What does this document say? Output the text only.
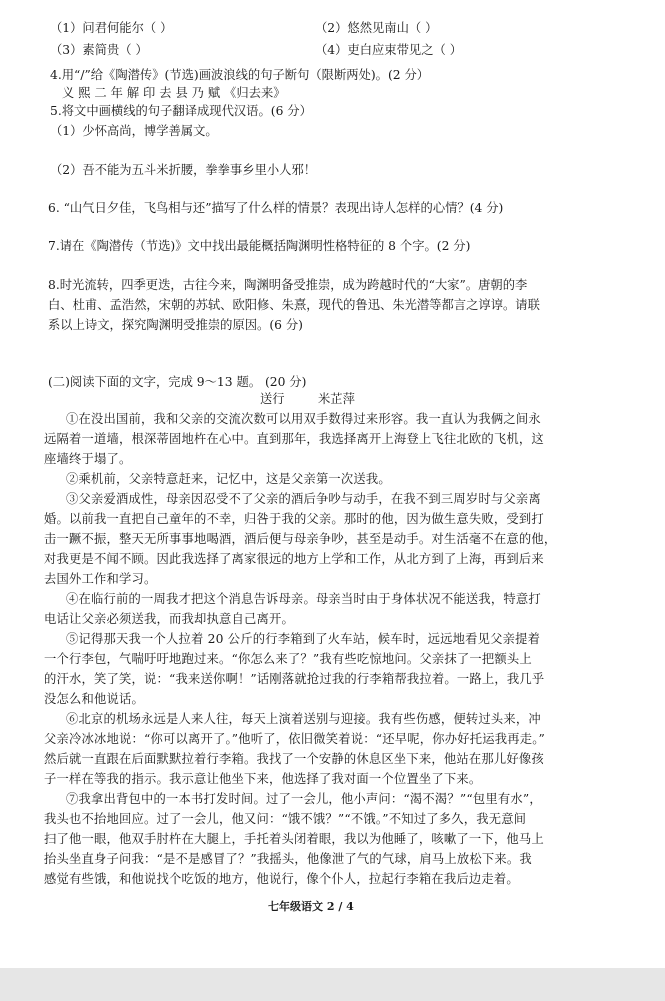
（1）问君何能尔（ ）	（2）悠然见南山（ ）
（3）素简贵（ ）	（4）吏白应束带见之（ ）
4.用“/”给《陶潜传》(节选)画波浪线的句子断句（限断两处)。(2 分）
义 熙 二 年 解 印 去 县 乃 赋 《归去来》
5.将文中画横线的句子翻译成现代汉语。(6 分）
（1）少怀高尚，博学善属文。
（2）吾不能为五斗米折腰，拳拳事乡里小人邪！
6. “山气日夕佳，飞鸟相与还”描写了什么样的情景？表现出诗人怎样的心情？(4 分)
7.请在《陶潜传（节选)》文中找出最能概括陶渊明性格特征的 8 个字。(2 分)
8.时光流转，四季更迭，古往今来，陶渊明备受推崇，成为跨越时代的“大家”。唐朝的李
白、杜甫、孟浩然，宋朝的苏轼、欧阳修、朱熹，现代的鲁迅、朱光潜等都言之谆谆。请联
系以上诗文，探究陶渊明受推崇的原因。(6 分)
(二)阅读下面的文字，完成 9～13 题。 (20 分)
送行	米芷萍
①在没出国前，我和父亲的交流次数可以用双手数得过来形容。我一直认为我俩之间永
远隔着一道墙，根深蒂固地杵在心中。直到那年，我选择离开上海登上飞往北欧的飞机，这
座墙终于塌了。
②乘机前，父亲特意赶来，记忆中，这是父亲第一次送我。
③父亲爱酒成性，母亲因忍受不了父亲的酒后争吵与动手，在我不到三周岁时与父亲离
婚。以前我一直把自己童年的不幸，归咎于我的父亲。那时的他，因为做生意失败，受到打
击一蹶不振，整天无所事事地喝酒，酒后便与母亲争吵，甚至是动手。对生活毫不在意的他，
对我更是不闻不顾。因此我选择了离家很远的地方上学和工作，从北方到了上海，再到后来
去国外工作和学习。
④在临行前的一周我才把这个消息告诉母亲。母亲当时由于身体状况不能送我，特意打
电话让父亲必须送我，而我却执意自己离开。
⑤记得那天我一个人拉着 20 公斤的行李箱到了火车站，候车时，远远地看见父亲提着
一个行李包，气喘吁吁地跑过来。“你怎么来了？”我有些吃惊地问。父亲抹了一把额头上
的汗水，笑了笑，说：“我来送你啊！”话刚落就抢过我的行李箱帮我拉着。一路上，我几乎
没怎么和他说话。
⑥北京的机场永远是人来人往，每天上演着送别与迎接。我有些伤感，便转过头来，冲
父亲冷冰冰地说：“你可以离开了。”他听了，依旧微笑着说：“还早呢，你办好托运我再走。”
然后就一直跟在后面默默拉着行李箱。我找了一个安静的休息区坐下来，他站在那儿好像孩
子一样在等我的指示。我示意让他坐下来，他选择了我对面一个位置坐了下来。
⑦我拿出背包中的一本书打发时间。过了一会儿，他小声问：“渴不渴？”“包里有水”，
我头也不抬地回应。过了一会儿，他又问：“饿不饿？”“不饿。”不知过了多久，我无意间
扫了他一眼，他双手肘杵在大腿上，手托着头闭着眼，我以为他睡了，咳嗽了一下，他马上
抬头坐直身子问我：“是不是感冒了？”我摇头，他像泄了气的气球，肩马上放松下来。我
感觉有些饿，和他说找个吃饭的地方，他说行，像个仆人，拉起行李箱在我后边走着。
七年级语文 2 / 4
